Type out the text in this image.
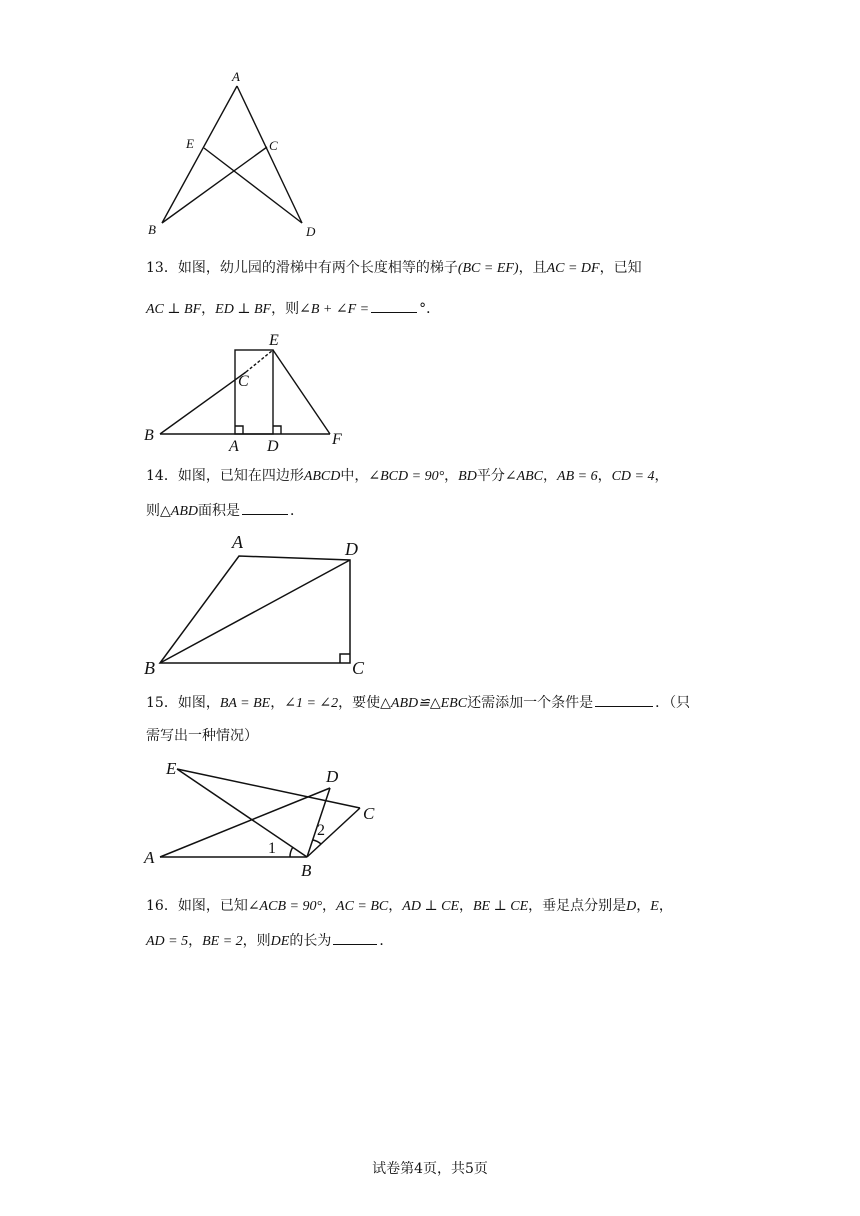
A
E	C
B	D
13．如图，幼儿园的滑梯中有两个长度相等的梯子(BC = EF)，且AC = DF，已知
AC ⊥ BF，ED ⊥ BF，则∠B + ∠F =	°．
E
C
B
A D	F
14．如图，已知在四边形ABCD中，∠BCD = 90°，BD平分∠ABC，AB = 6，CD = 4，
则△ABD面积是	．
A	D
B	C
15．如图，BA = BE，∠1 = ∠2，要使△ABD≌△EBC还需添加一个条件是	．（只
需写出一种情况）
E	D
C
A
B
1
2
16．如图，已知∠ACB = 90°，AC = BC，AD ⊥ CE，BE ⊥ CE，垂足点分别是D，E，
AD = 5，BE = 2，则DE的长为	．
试卷第4页，共5页
